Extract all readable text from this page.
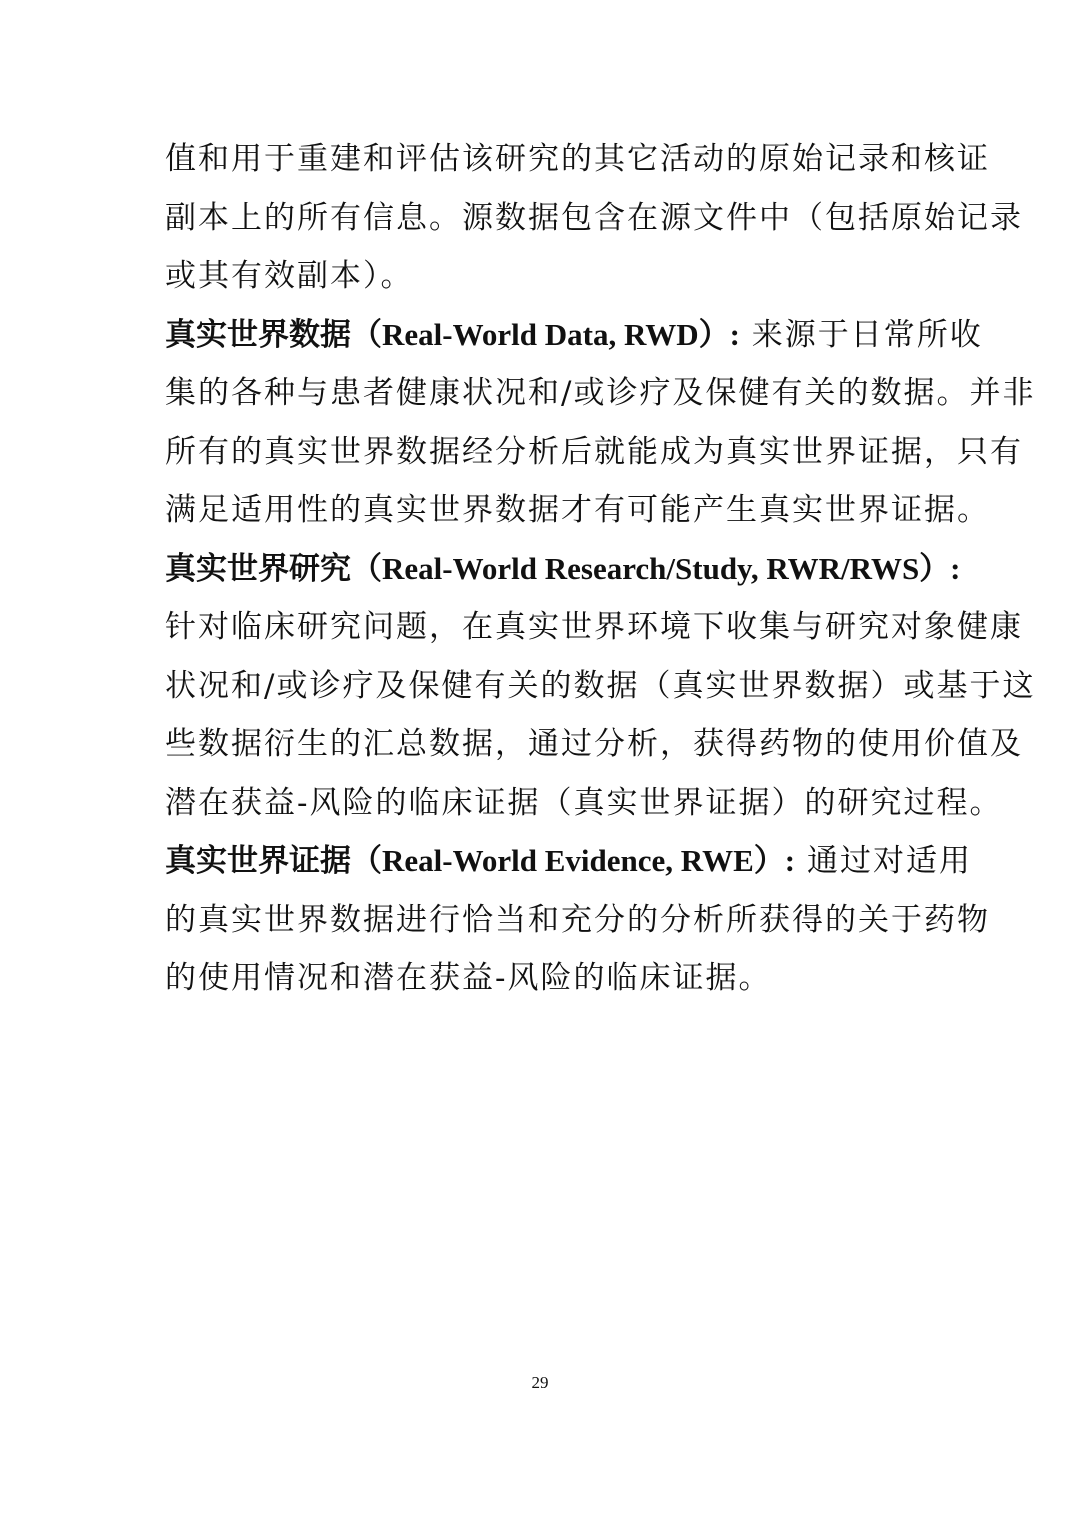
值和用于重建和评估该研究的其它活动的原始记录和核证
副本上的所有信息。源数据包含在源文件中（包括原始记录
或其有效副本）。
真实世界数据（Real-World Data, RWD）: 来源于日常所收
集的各种与患者健康状况和/或诊疗及保健有关的数据。并非
所有的真实世界数据经分析后就能成为真实世界证据，只有
满足适用性的真实世界数据才有可能产生真实世界证据。
真实世界研究（Real-World Research/Study, RWR/RWS）:
针对临床研究问题，在真实世界环境下收集与研究对象健康
状况和/或诊疗及保健有关的数据（真实世界数据）或基于这
些数据衍生的汇总数据，通过分析，获得药物的使用价值及
潜在获益-风险的临床证据（真实世界证据）的研究过程。
真实世界证据（Real-World Evidence, RWE）: 通过对适用
的真实世界数据进行恰当和充分的分析所获得的关于药物
的使用情况和潜在获益-风险的临床证据。
29
